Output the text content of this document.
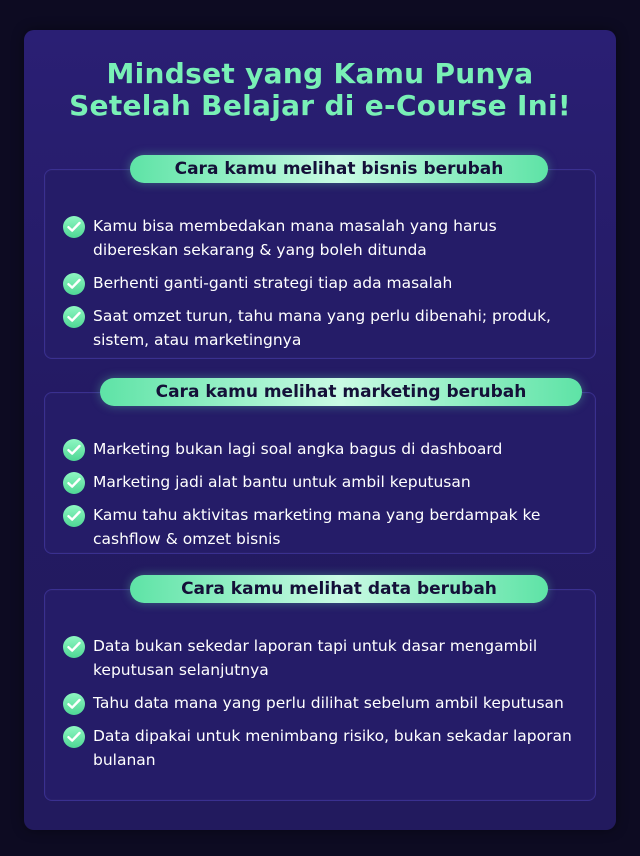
Mindset yang Kamu Punya
Setelah Belajar di e-Course Ini!
Cara kamu melihat bisnis berubah
Kamu bisa membedakan mana masalah yang harus dibereskan sekarang & yang boleh ditunda
Berhenti ganti-ganti strategi tiap ada masalah
Saat omzet turun, tahu mana yang perlu dibenahi; produk, sistem, atau marketingnya
Cara kamu melihat marketing berubah
Marketing bukan lagi soal angka bagus di dashboard
Marketing jadi alat bantu untuk ambil keputusan
Kamu tahu aktivitas marketing mana yang berdampak ke cashflow & omzet bisnis
Cara kamu melihat data berubah
Data bukan sekedar laporan tapi untuk dasar mengambil keputusan selanjutnya
Tahu data mana yang perlu dilihat sebelum ambil keputusan
Data dipakai untuk menimbang risiko, bukan sekadar laporan bulanan
